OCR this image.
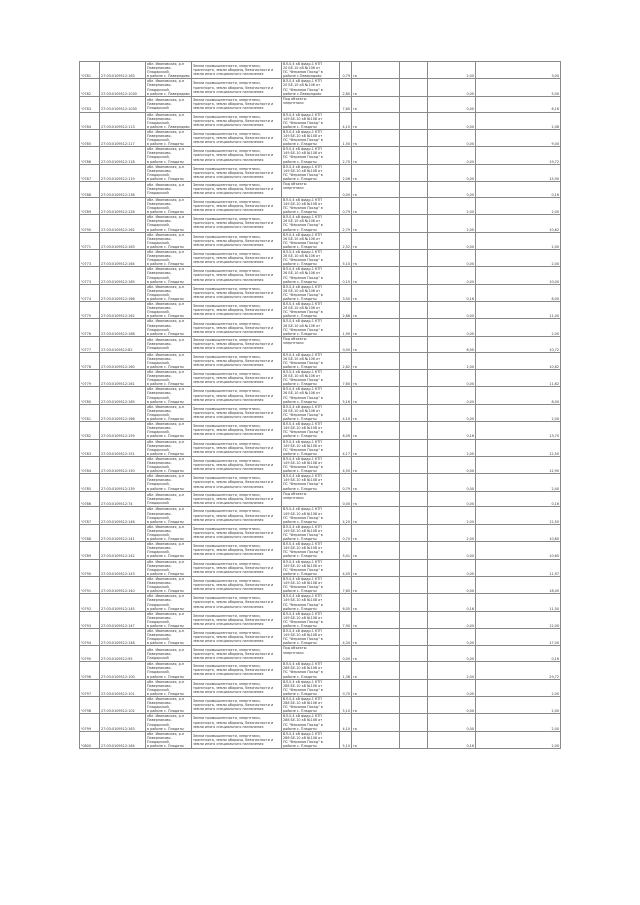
¹0781	27:03:0109512:163	обл. Ивановская, р-н
Паверниково-Пладарский,
в районе с. Паверндово	Земли промышленности, энергетики,
транспорта, земли обороны, безопасности и
земли иного специального назначения	ВЛ-0,4 кВ фидр.1 КТП
20 БЕ-10 кВ №106 от
ПС "Ферапов Посад" в
районе с.Паверндово	0,79	га		2,00	3,00
¹0782	27:03:0109512:1030	обл. Ивановская, р-н
Паверниково-Пладарский,
в районе с. Паверндово	Земли промышленности, энергетики,
транспорта, земли обороны, безопасности и
земли иного специального назначения	ВЛ-0,4 кВ фидр.1 КТП
20 БЕ-10 кВ №106 от
ПС "Ферапов Посад" в
районе с.Паверндово	2,80	га		0,00	5,00
¹0783	27:03:0109512:1030	обл. Ивановская, р-н
Паверниково-Пладарский	Земли промышленности, энергетики,
транспорта, земли обороны, безопасности и
земли иного специального назначения	Под объекты
энергетики	7,60	га		0,00	6,16
¹0784	27:03:0109512:113	обл. Ивановская, р-н
Паверниково-Пладарский,
в районе с. Паверндово	Земли промышленности, энергетики,
транспорта, земли обороны, безопасности и
земли иного специального назначения	ВЛ-0,4 кВ фидр.1 КТП
149 БЕ-10 кВ №108 от
ПС "Ферапов Посад" в
районе с. Пладаты	4,10	га		0,00	2,08
¹0785	27:03:0109512:117	обл. Ивановская, р-н
Паверниково-Пладарский,
в районе с. Пладаты	Земли промышленности, энергетики,
транспорта, земли обороны, безопасности и
земли иного специального назначения	ВЛ-0,4 кВ фидр.1 КТП
149 БЕ-10 кВ №108 от
ПС "Ферапов Посад" в
районе с. Пладаты	1,50	га		0,00	9,00
¹0786	27:03:0109512:118	обл. Ивановская, р-н
Паверниково-Пладарский,
в районе с. Пладаты	Земли промышленности, энергетики,
транспорта, земли обороны, безопасности и
земли иного специального назначения	ВЛ-0,4 кВ фидр.1 КТП
149 БЕ-10 кВ №108 от
ПС "Ферапов Посад" в
районе с. Пладаты	2,70	га		0,00	19,72
¹0787	27:03:0109512:119	обл. Ивановская, р-н
Паверниково-Пладарский,
в районе с. Пладаты	Земли промышленности, энергетики,
транспорта, земли обороны, безопасности и
земли иного специального назначения	ВЛ-0,4 кВ фидр.1 КТП
149 БЕ-10 кВ №108 от
ПС "Ферапов Посад" в
районе с. Пладаты	2,06	га		0,00	15,90
¹0788	27:03:0109512:136	обл. Ивановская, р-н
Паверниково-Пладарский	Земли промышленности, энергетики,
транспорта, земли обороны, безопасности и
земли иного специального назначения	Под объекты
энергетики	0,00	га		0,00	0,16
¹0789	27:03:0109512:128	обл. Ивановская, р-н
Паверниково-Пладарский,
в районе с. Пладаты	Земли промышленности, энергетики,
транспорта, земли обороны, безопасности и
земли иного специального назначения	ВЛ-0,4 кВ фидр.1 КТП
149 БЕ-10 кВ №108 от
ПС "Ферапов Посад" в
районе с. Пладаты	0,79	га		2,00	2,00
¹0790	27:03:0109512:162	обл. Ивановская, р-н
Паверниково-Пладарский,
в районе с. Пладаты	Земли промышленности, энергетики,
транспорта, земли обороны, безопасности и
земли иного специального назначения	ВЛ-0,4 кВ фидр.1 КТП
26 БЕ-10 кВ №106 от
ПС "Ферапов Посад" в
районе с. Пладаты	2,79	га		2,00	10,62
¹0771	27:03:0109512:163	обл. Ивановская, р-н
Паверниково-Пладарский,
в районе с. Пладаты	Земли промышленности, энергетики,
транспорта, земли обороны, безопасности и
земли иного специального назначения	ВЛ-0,4 кВ фидр.1 КТП
26 БЕ-10 кВ №106 от
ПС "Ферапов Посад" в
районе с. Пладаты	2,52	га		0,00	2,00
¹0773	27:03:0109512:164	обл. Ивановская, р-н
Паверниково-Пладарский,
в районе с. Пладаты	Земли промышленности, энергетики,
транспорта, земли обороны, безопасности и
земли иного специального назначения	ВЛ-0,4 кВ фидр.1 КТП
26 БЕ-10 кВ №106 от
ПС "Ферапов Посад" в
районе с. Пладаты	5,10	га		0,00	2,00
¹0773	27:03:0109512:165	обл. Ивановская, р-н
Паверниково-Пладарский,
в районе с. Пладаты	Земли промышленности, энергетики,
транспорта, земли обороны, безопасности и
земли иного специального назначения	ВЛ-0,4 кВ фидр.1 КТП
26 БЕ-10 кВ №106 от
ПС "Ферапов Посад" в
районе с. Пладаты	0,10	га		0,00	10,00
¹0774	27:03:0109512:166	обл. Ивановская, р-н
Паверниково-Пладарский,
в районе с. Пладаты	Земли промышленности, энергетики,
транспорта, земли обороны, безопасности и
земли иного специального назначения	ВЛ-0,4 кВ фидр.1 КТП
26 БЕ-10 кВ №106 от
ПС "Ферапов Посад" в
районе с. Пладаты	3,50	га		0,16	8,00
¹0775	27:03:0109512:162	обл. Ивановская, р-н
Паверниково-Пладарский,
в районе с. Пладаты	Земли промышленности, энергетики,
транспорта, земли обороны, безопасности и
земли иного специального назначения	ВЛ-0,4 кВ фидр.1 КТП
26 БЕ-10 кВ №106 от
ПС "Ферапов Посад" в
районе с. Пладаты	2,86	га		0,00	11,00
¹0776	27:03:0109512:168	обл. Ивановская, р-н
Паверниково-Пладарский,
в районе с. Пладаты	Земли промышленности, энергетики,
транспорта, земли обороны, безопасности и
земли иного специального назначения	ВЛ-0,4 кВ фидр.1 КТП
26 БЕ-10 кВ №106 от
ПС "Ферапов Посад" в
районе с. Пладаты	1,90	га		0,00	2,00
¹0777	27:03:0109512:82	обл. Ивановская, р-н
Паверниково-Пладарский	Земли промышленности, энергетики,
транспорта, земли обороны, безопасности и
земли иного специального назначения	Под объекты
энергетики	0,00	га		6,00	10,72
¹0778	27:03:0109512:160	обл. Ивановская, р-н
Паверниково-Пладарский,
в районе с. Пладаты	Земли промышленности, энергетики,
транспорта, земли обороны, безопасности и
земли иного специального назначения	ВЛ-0,4 кВ фидр.1 КТП
26 БЕ-10 кВ №106 от
ПС "Ферапов Посад" в
районе с. Пладаты	2,82	га		2,00	10,62
¹0779	27:03:0109512:161	обл. Ивановская, р-н
Паверниково-Пладарский,
в районе с. Пладаты	Земли промышленности, энергетики,
транспорта, земли обороны, безопасности и
земли иного специального назначения	ВЛ-0,4 кВ фидр.1 КТП
26 БЕ-10 кВ №106 от
ПС "Ферапов Посад" в
районе с. Пладаты	7,60	га		0,00	11,62
¹0780	27:03:0109512:165	обл. Ивановская, р-н
Паверниково-Пладарский,
в районе с. Пладаты	Земли промышленности, энергетики,
транспорта, земли обороны, безопасности и
земли иного специального назначения	ВЛ-0,4 кВ фидр.1 КТП
26 БЕ-10 кВ №106 от
ПС "Ферапов Посад" в
районе с. Пладаты	5,16	га		0,00	8,00
¹0781	27:03:0109512:166	обл. Ивановская, р-н
Паверниково-Пладарский,
в районе с. Пладаты	Земли промышленности, энергетики,
транспорта, земли обороны, безопасности и
земли иного специального назначения	ВЛ-0,4 кВ фидр.1 КТП
26 БЕ-10 кВ №106 от
ПС "Ферапов Посад" в
районе с. Пладаты	4,10	га		0,00	2,00
¹0782	27:03:0109512:159	обл. Ивановская, р-н
Паверниково-Пладарский,
в районе с. Пладаты	Земли промышленности, энергетики,
транспорта, земли обороны, безопасности и
земли иного специального назначения	ВЛ-0,4 кВ фидр.1 КТП
149 БЕ-10 кВ №108 от
ПС "Ферапов Посад" в
районе с. Пладаты	6,09	га		0,16	13,70
¹0783	27:03:0109512:151	обл. Ивановская, р-н
Паверниково-Пладарский,
в районе с. Пладаты	Земли промышленности, энергетики,
транспорта, земли обороны, безопасности и
земли иного специального назначения	ВЛ-0,4 кВ фидр.1 КТП
149 БЕ-10 кВ №108 от
ПС "Ферапов Посад" в
районе с. Пладаты	4,17	га		2,00	12,50
¹0784	27:03:0109512:150	обл. Ивановская, р-н
Паверниково-Пладарский,
в районе с. Пладаты	Земли промышленности, энергетики,
транспорта, земли обороны, безопасности и
земли иного специального назначения	ВЛ-0,4 кВ фидр.1 КТП
149 БЕ-10 кВ №108 от
ПС "Ферапов Посад" в
районе с. Пладаты	4,50	га		0,00	12,90
¹0785	27:03:0109512:139	обл. Ивановская, р-н
Паверниково-Пладарский,
в районе с. Пладаты	Земли промышленности, энергетики,
транспорта, земли обороны, безопасности и
земли иного специального назначения	ВЛ-0,4 кВ фидр.1 КТП
149 БЕ-10 кВ №108 от
ПС "Ферапов Посад" в
районе с. Пладаты	0,79	га		0,00	2,40
¹0786	27:03:0109512:74	обл. Ивановская, р-н
Паверниково-Пладарский	Земли промышленности, энергетики,
транспорта, земли обороны, безопасности и
земли иного специального назначения	Под объекты
энергетики	0,00	га		0,00	0,16
¹0787	27:03:0109512:146	обл. Ивановская, р-н
Паверниково-Пладарский,
в районе с. Пладаты	Земли промышленности, энергетики,
транспорта, земли обороны, безопасности и
земли иного специального назначения	ВЛ-0,4 кВ фидр.1 КТП
149 БЕ-10 кВ №108 от
ПС "Ферапов Посад" в
районе с. Пладаты	4,20	га		2,00	12,50
¹0788	27:03:0109512:141	обл. Ивановская, р-н
Паверниково-Пладарский,
в районе с. Пладаты	Земли промышленности, энергетики,
транспорта, земли обороны, безопасности и
земли иного специального назначения	ВЛ-0,4 кВ фидр.1 КТП
149 БЕ-10 кВ №108 от
ПС "Ферапов Посад" в
районе с. Пладаты	0,70	га		2,00	10,80
¹0789	27:03:0109512:142	обл. Ивановская, р-н
Паверниково-Пладарский,
в районе с. Пладаты	Земли промышленности, энергетики,
транспорта, земли обороны, безопасности и
земли иного специального назначения	ВЛ-0,4 кВ фидр.1 КТП
149 БЕ-10 кВ №108 от
ПС "Ферапов Посад" в
районе с. Пладаты	5,41	га		0,00	10,60
¹0790	27:03:0109512:143	обл. Ивановская, р-н
Паверниково-Пладарский,
в районе с. Пладаты	Земли промышленности, энергетики,
транспорта, земли обороны, безопасности и
земли иного специального назначения	ВЛ-0,4 кВ фидр.1 КТП
149 БЕ-10 кВ №108 от
ПС "Ферапов Посад" в
районе с. Пладаты	4,45	га		0,00	11,97
¹0791	27:03:0109512:140	обл. Ивановская, р-н
Паверниково-Пладарский,
в районе с. Пладаты	Земли промышленности, энергетики,
транспорта, земли обороны, безопасности и
земли иного специального назначения	ВЛ-0,4 кВ фидр.1 КТП
149 БЕ-10 кВ №108 от
ПС "Ферапов Посад" в
районе с. Пладаты	7,60	га		0,00	18,00
¹0792	27:03:0109512:145	обл. Ивановская, р-н
Паверниково-Пладарский,
в районе с. Пладаты	Земли промышленности, энергетики,
транспорта, земли обороны, безопасности и
земли иного специального назначения	ВЛ-0,4 кВ фидр.1 КТП
149 БЕ-10 кВ №108 от
ПС "Ферапов Посад" в
районе с. Пладаты	6,05	га		0,16	11,50
¹0793	27:03:0109512:147	обл. Ивановская, р-н
Паверниково-Пладарский,
в районе с. Пладаты	Земли промышленности, энергетики,
транспорта, земли обороны, безопасности и
земли иного специального назначения	ВЛ-0,4 кВ фидр.1 КТП
149 БЕ-10 кВ №108 от
ПС "Ферапов Посад" в
районе с. Пладаты	7,90	га		0,00	12,00
¹0794	27:03:0109512:148	обл. Ивановская, р-н
Паверниково-Пладарский,
в районе с. Пладаты	Земли промышленности, энергетики,
транспорта, земли обороны, безопасности и
земли иного специального назначения	ВЛ-0,4 кВ фидр.1 КТП
149 БЕ-10 кВ №108 от
ПС "Ферапов Посад" в
районе с. Пладаты	4,34	га		0,00	17,00
¹0795	27:03:0109512:95	обл. Ивановская, р-н
Паверниково-Пладарский	Земли промышленности, энергетики,
транспорта, земли обороны, безопасности и
земли иного специального назначения	Под объекты
энергетики	0,00	га		0,00	0,16
¹0796	27:03:0109512:100	обл. Ивановская, р-н
Паверниково-Пладарский,
в районе с. Пладаты	Земли промышленности, энергетики,
транспорта, земли обороны, безопасности и
земли иного специального назначения	ВЛ-0,4 кВ фидр.1 КТП
288 БЕ-10 кВ №106 от
ПС "Ферапов Посад" в
районе с. Пладаты	1,36	га		2,00	29,72
¹0797	27:03:0109512:101	обл. Ивановская, р-н
Паверниково-Пладарский,
в районе с. Пладаты	Земли промышленности, энергетики,
транспорта, земли обороны, безопасности и
земли иного специального назначения	ВЛ-0,4 кВ фидр.1 КТП
288 БЕ-10 кВ №106 от
ПС "Ферапов Посад" в
районе с. Пладаты	0,70	га		0,00	2,00
¹0798	27:03:0109512:102	обл. Ивановская, р-н
Паверниково-Пладарский,
в районе с. Пладаты	Земли промышленности, энергетики,
транспорта, земли обороны, безопасности и
земли иного специального назначения	ВЛ-0,4 кВ фидр.1 КТП
288 БЕ-10 кВ №106 от
ПС "Ферапов Посад" в
районе с. Пладаты	5,10	га		0,00	2,00
¹0799	27:03:0109512:163	обл. Ивановская, р-н
Паверниково-Пладарский,
в районе с. Пладаты	Земли промышленности, энергетики,
транспорта, земли обороны, безопасности и
земли иного специального назначения	ВЛ-0,4 кВ фидр.1 КТП
288 БЕ-10 кВ №106 от
ПС "Ферапов Посад" в
районе с. Пладаты	4,10	га		0,00	2,00
¹0800	27:03:0109512:164	обл. Ивановская, р-н
Паверниково-Пладарский,
в районе с. Пладаты	Земли промышленности, энергетики,
транспорта, земли обороны, безопасности и
земли иного специального назначения	ВЛ-0,4 кВ фидр.1 КТП
288 БЕ-10 кВ №106 от
ПС "Ферапов Посад" в
районе с. Пладаты	5,10	га		0,16	2,00
